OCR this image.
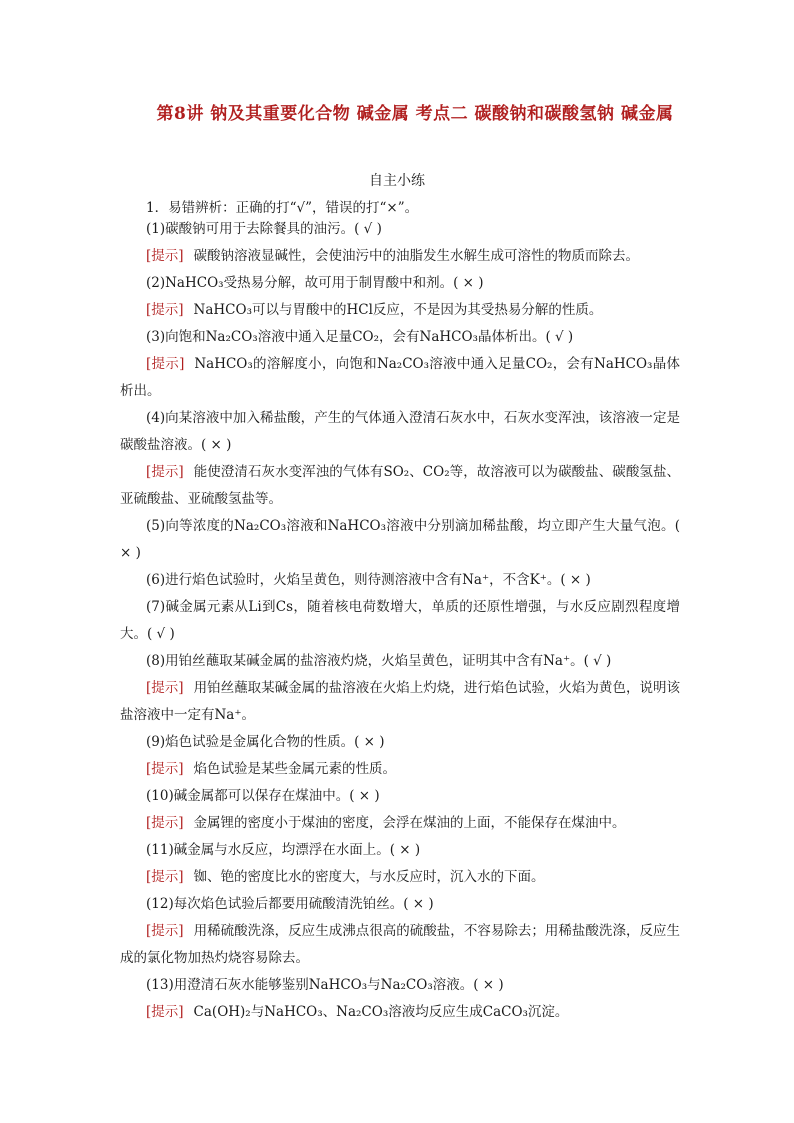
第8讲 钠及其重要化合物 碱金属 考点二 碳酸钠和碳酸氢钠 碱金属
自主小练
1．易错辨析：正确的打“√”，错误的打“×”。

(1)碳酸钠可用于去除餐具的油污。( √ )

[提示] 碳酸钠溶液显碱性，会使油污中的油脂发生水解生成可溶性的物质而除去。

(2)NaHCO₃受热易分解，故可用于制胃酸中和剂。( × )

[提示] NaHCO₃可以与胃酸中的HCl反应，不是因为其受热易分解的性质。

(3)向饱和Na₂CO₃溶液中通入足量CO₂，会有NaHCO₃晶体析出。( √ )

[提示] NaHCO₃的溶解度小，向饱和Na₂CO₃溶液中通入足量CO₂，会有NaHCO₃晶体析出。

(4)向某溶液中加入稀盐酸，产生的气体通入澄清石灰水中，石灰水变浑浊，该溶液一定是碳酸盐溶液。( × )

[提示] 能使澄清石灰水变浑浊的气体有SO₂、CO₂等，故溶液可以为碳酸盐、碳酸氢盐、亚硫酸盐、亚硫酸氢盐等。

(5)向等浓度的Na₂CO₃溶液和NaHCO₃溶液中分别滴加稀盐酸，均立即产生大量气泡。( × )

(6)进行焰色试验时，火焰呈黄色，则待测溶液中含有Na⁺，不含K⁺。( × )

(7)碱金属元素从Li到Cs，随着核电荷数增大，单质的还原性增强，与水反应剧烈程度增大。( √ )

(8)用铂丝蘸取某碱金属的盐溶液灼烧，火焰呈黄色，证明其中含有Na⁺。( √ )

[提示] 用铂丝蘸取某碱金属的盐溶液在火焰上灼烧，进行焰色试验，火焰为黄色，说明该盐溶液中一定有Na⁺。

(9)焰色试验是金属化合物的性质。( × )

[提示] 焰色试验是某些金属元素的性质。

(10)碱金属都可以保存在煤油中。( × )

[提示] 金属锂的密度小于煤油的密度，会浮在煤油的上面，不能保存在煤油中。

(11)碱金属与水反应，均漂浮在水面上。( × )

[提示] 铷、铯的密度比水的密度大，与水反应时，沉入水的下面。

(12)每次焰色试验后都要用硫酸清洗铂丝。( × )

[提示] 用稀硫酸洗涤，反应生成沸点很高的硫酸盐，不容易除去；用稀盐酸洗涤，反应生成的氯化物加热灼烧容易除去。

(13)用澄清石灰水能够鉴别NaHCO₃与Na₂CO₃溶液。( × )

[提示] Ca(OH)₂与NaHCO₃、Na₂CO₃溶液均反应生成CaCO₃沉淀。
